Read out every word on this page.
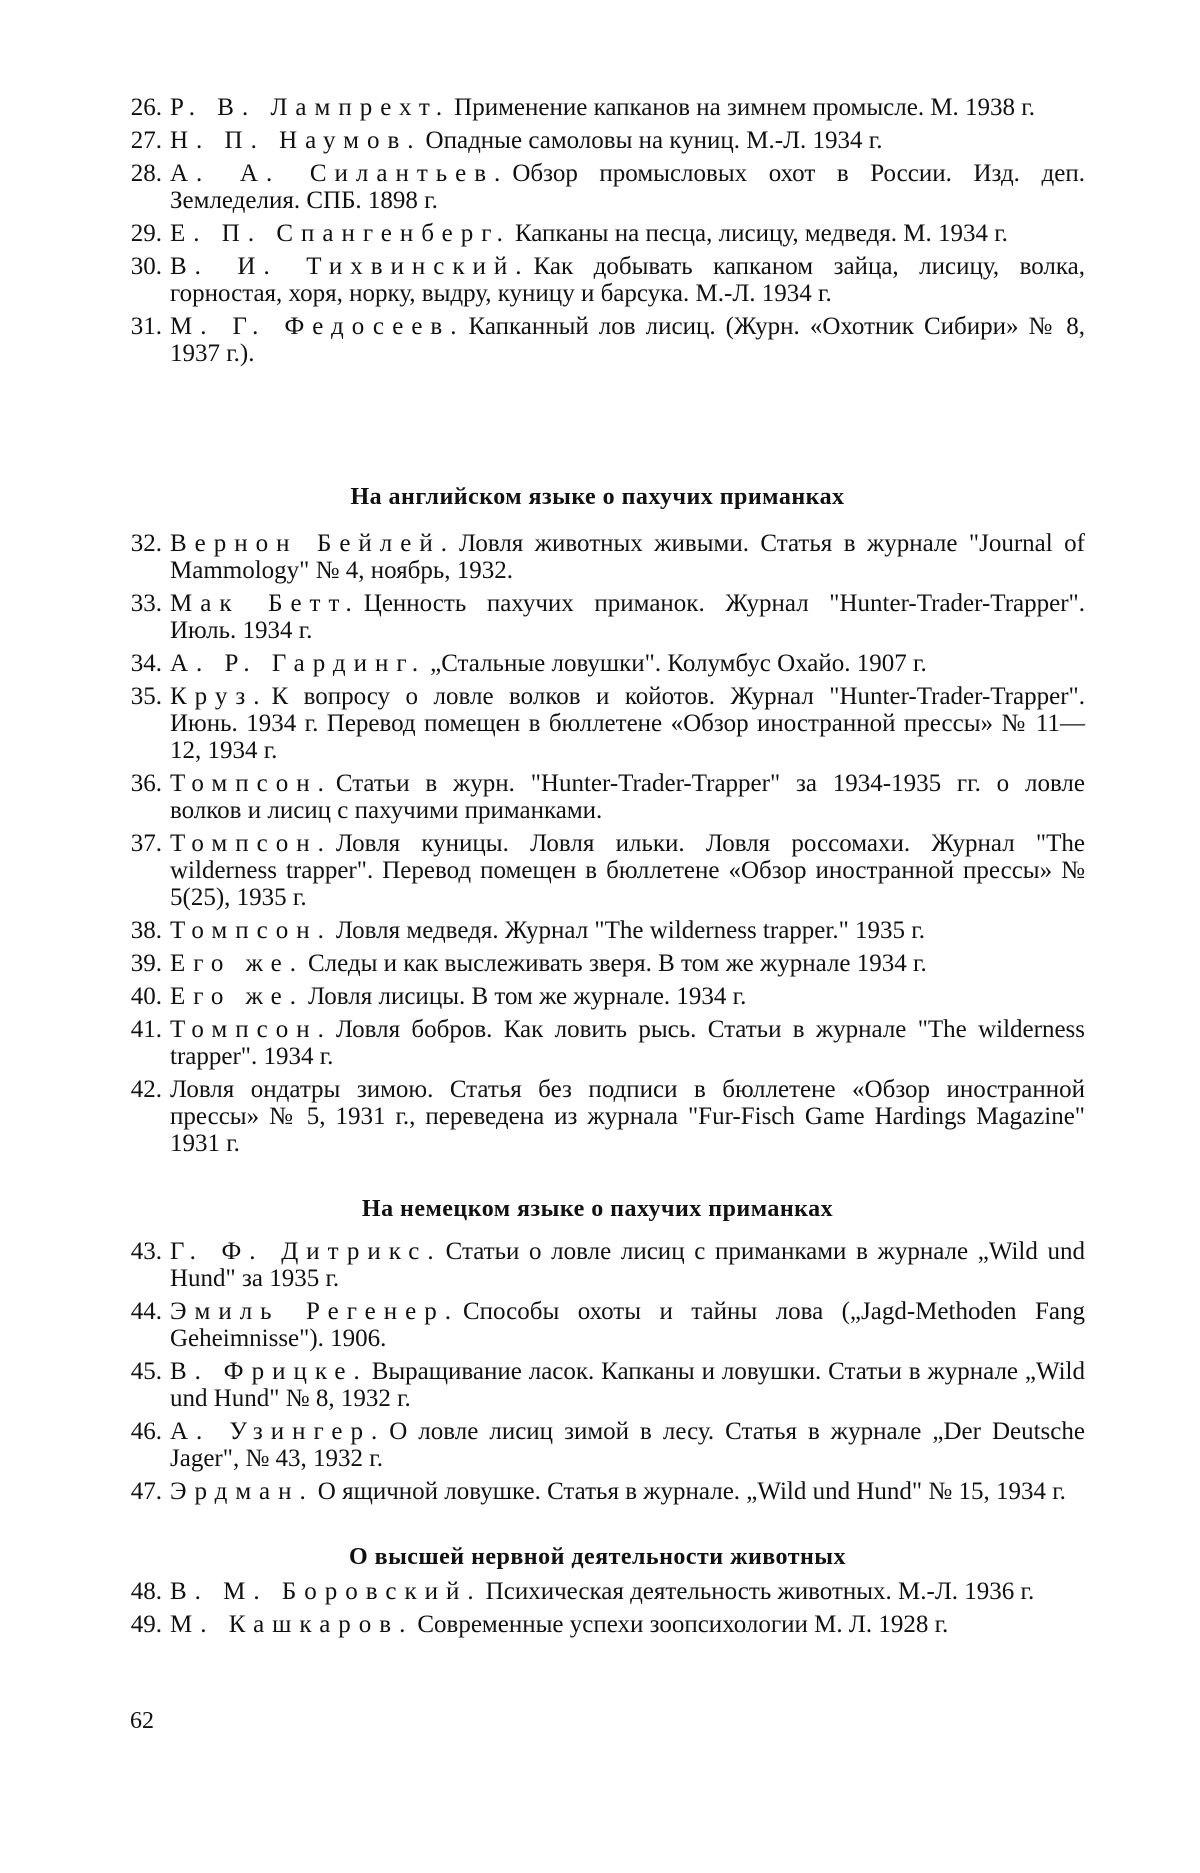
26. Р. В. Лампрехт. Применение капканов на зимнем промысле. М. 1938 г.
27. Н. П. Наумов. Опадные самоловы на куниц. М.-Л. 1934 г.
28. А. А. Силантьев. Обзор промысловых охот в России. Изд. деп. Земледелия. СПБ. 1898 г.
29. Е. П. Спангенберг. Капканы на песца, лисицу, медведя. М. 1934 г.
30. В. И. Тихвинский. Как добывать капканом зайца, лисицу, волка, горностая, хоря, норку, выдру, куницу и барсука. М.-Л. 1934 г.
31. М. Г. Федосеев. Капканный лов лисиц. (Журн. «Охотник Сибири» № 8, 1937 г.).

На английском языке о пахучих приманках

32. Вернон Бейлей. Ловля животных живыми. Статья в журнале "Journal of Mammology" № 4, ноябрь, 1932.
33. Мак Бетт. Ценность пахучих приманок. Журнал "Hunter-Trader-Trapper". Июль. 1934 г.
34. А. Р. Гардинг. „Стальные ловушки". Колумбус Охайо. 1907 г.
35. Круз. К вопросу о ловле волков и койотов. Журнал "Hunter-Trader-Trapper". Июнь. 1934 г. Перевод помещен в бюллетене «Обзор иностранной прессы» № 11—12, 1934 г.
36. Томпсон. Статьи в журн. "Hunter-Trader-Trapper" за 1934-1935 гг. о ловле волков и лисиц с пахучими приманками.
37. Томпсон. Ловля куницы. Ловля ильки. Ловля россомахи. Журнал "The wilderness trapper". Перевод помещен в бюллетене «Обзор иностранной прессы» № 5(25), 1935 г.
38. Томпсон. Ловля медведя. Журнал "The wilderness trapper." 1935 г.
39. Его же. Следы и как выслеживать зверя. В том же журнале 1934 г.
40. Его же. Ловля лисицы. В том же журнале. 1934 г.
41. Томпсон. Ловля бобров. Как ловить рысь. Статьи в журнале "The wilderness trapper". 1934 г.
42. Ловля ондатры зимою. Статья без подписи в бюллетене «Обзор иностранной прессы» № 5, 1931 г., переведена из журнала "Fur-Fisch Game Hardings Magazine" 1931 г.

На немецком языке о пахучих приманках

43. Г. Ф. Дитрикс. Статьи о ловле лисиц с приманками в журнале „Wild und Hund" за 1935 г.
44. Эмиль Регенер. Способы охоты и тайны лова („Jagd-Methoden Fang Geheimnisse"). 1906.
45. В. Фрицке. Выращивание ласок. Капканы и ловушки. Статьи в журнале „Wild und Hund" № 8, 1932 г.
46. А. Узингер. О ловле лисиц зимой в лесу. Статья в журнале „Der Deutsche Jager", № 43, 1932 г.
47. Эрдман. О ящичной ловушке. Статья в журнале. „Wild und Hund" № 15, 1934 г.

О высшей нервной деятельности животных

48. В. М. Боровский. Психическая деятельность животных. М.-Л. 1936 г.
49. М. Кашкаров. Современные успехи зоопсихологии М. Л. 1928 г.
62
